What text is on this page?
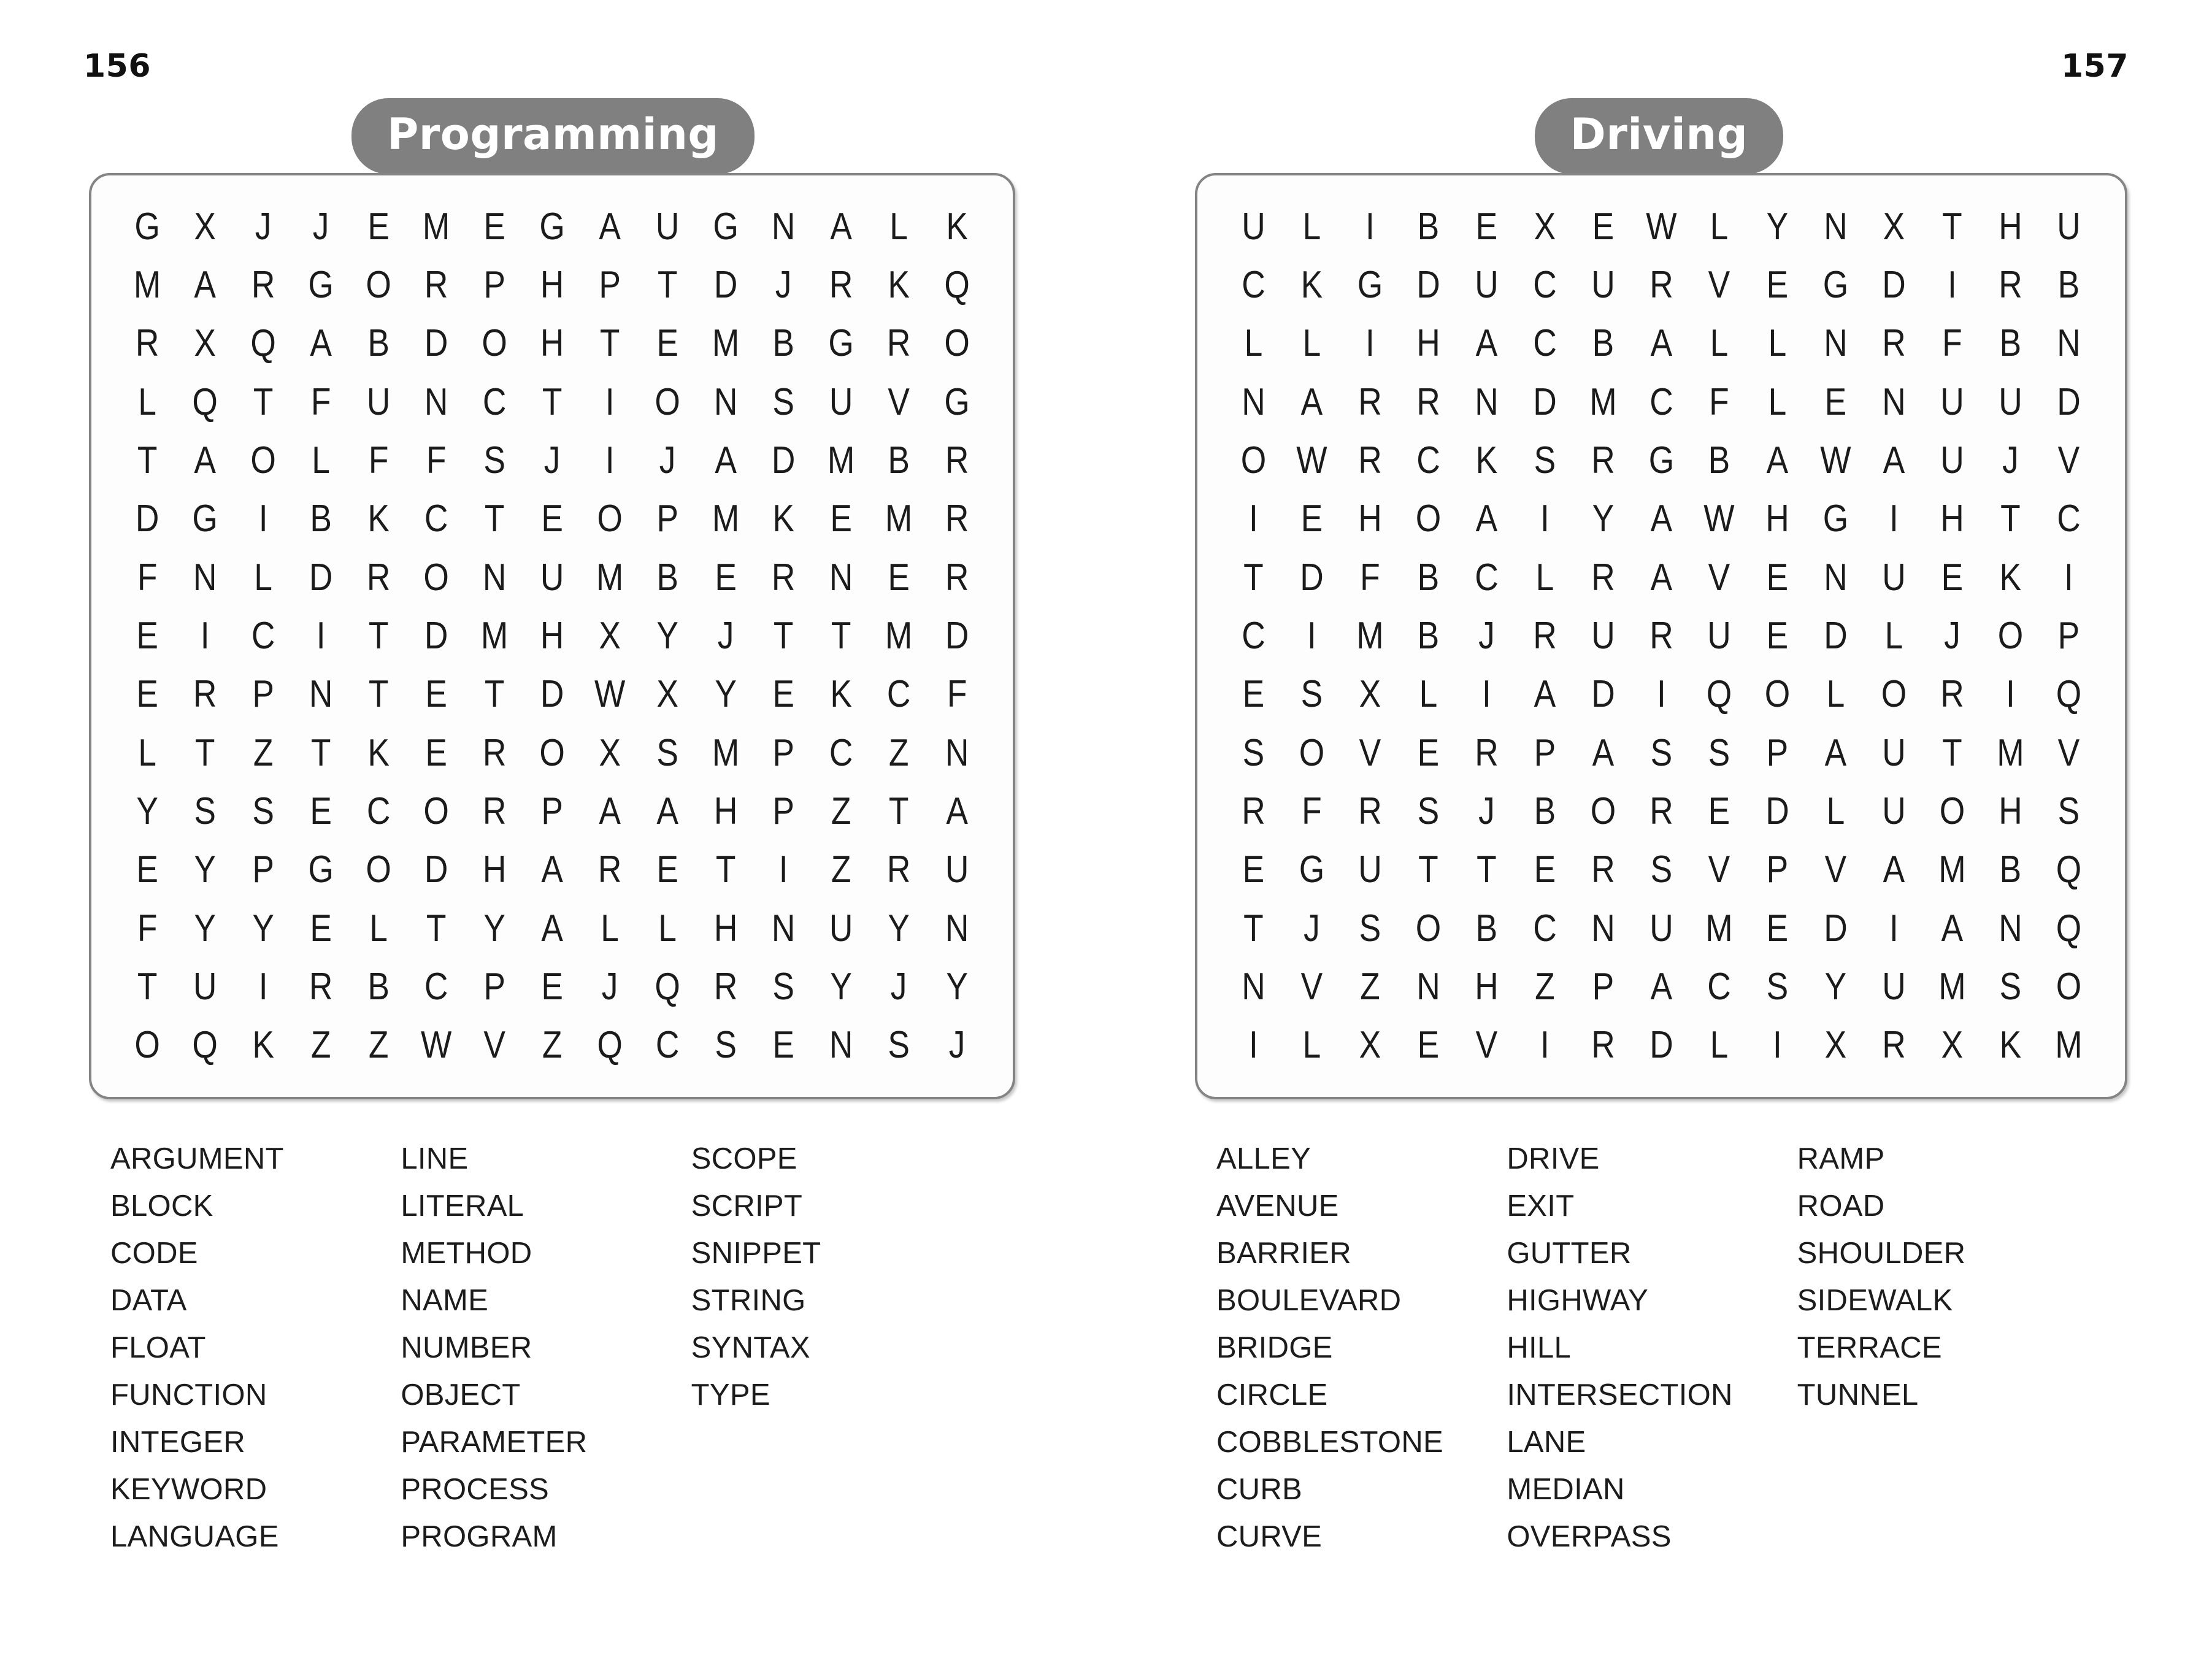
156
Programming
G X	J	J	E M E G A U G N A L K
M A R G O R P H P T D J R K Q
R X Q A B D O H T E M B G R O
L Q T F U N C T	I	O N S U V G
T A O L	F F S	J	I	J	A D M B R
D G	I	B K C T E O P M K E M R
F N L D R O N U M B E R N E R
E	I	C	I	T D M H X Y	J	T T M D
E R P N T E T D W X Y E K C F
L	T Z T K E R O X S M P C Z N
Y S S E C O R P A A H P Z T A
E Y P G O D H A R E T	I	Z R U
F Y Y E L	T Y A L	L H N U Y N
T U	I	R B C P E	J Q R S Y	J	Y
O Q K Z Z W V Z Q C S E N S	J
ARGUMENT
BLOCK
CODE
DATA
FLOAT
FUNCTION
INTEGER
KEYWORD
LANGUAGE
LINE
LITERAL
METHOD
NAME
NUMBER
OBJECT
PARAMETER
PROCESS
PROGRAM
SCOPE
SCRIPT
SNIPPET
STRING
SYNTAX
TYPE
157
Driving
U L	I	B E X E W L	Y N X T H U
C K G D U C U R V E G D	I	R B
L	L	I	H A C B A	L	L N R F B N
N A R R N D M C F	L	E N U U D
O W R C K S R G B A W A U	J	V
I	E H O A	I	Y A W H G	I	H T C
T D F B C L R A V E N U E K	I
C	I	M B	J	R U R U E D L	J O P
E S X	L	I	A D	I	Q O L O R	I	Q
S O V E R P A S S P A U T M V
R F R S	J	B O R E D L U O H S
E G U T	T E R S V P V A M B Q
T	J	S O B C N U M E D	I	A N Q
N V Z N H Z P A C S Y U M S O
I	L	X E V	I	R D L	I	X R X K M
ALLEY
AVENUE
BARRIER
BOULEVARD
BRIDGE
CIRCLE
COBBLESTONE
CURB
CURVE
DRIVE
EXIT
GUTTER
HIGHWAY
HILL
INTERSECTION
LANE
MEDIAN
OVERPASS
RAMP
ROAD
SHOULDER
SIDEWALK
TERRACE
TUNNEL
